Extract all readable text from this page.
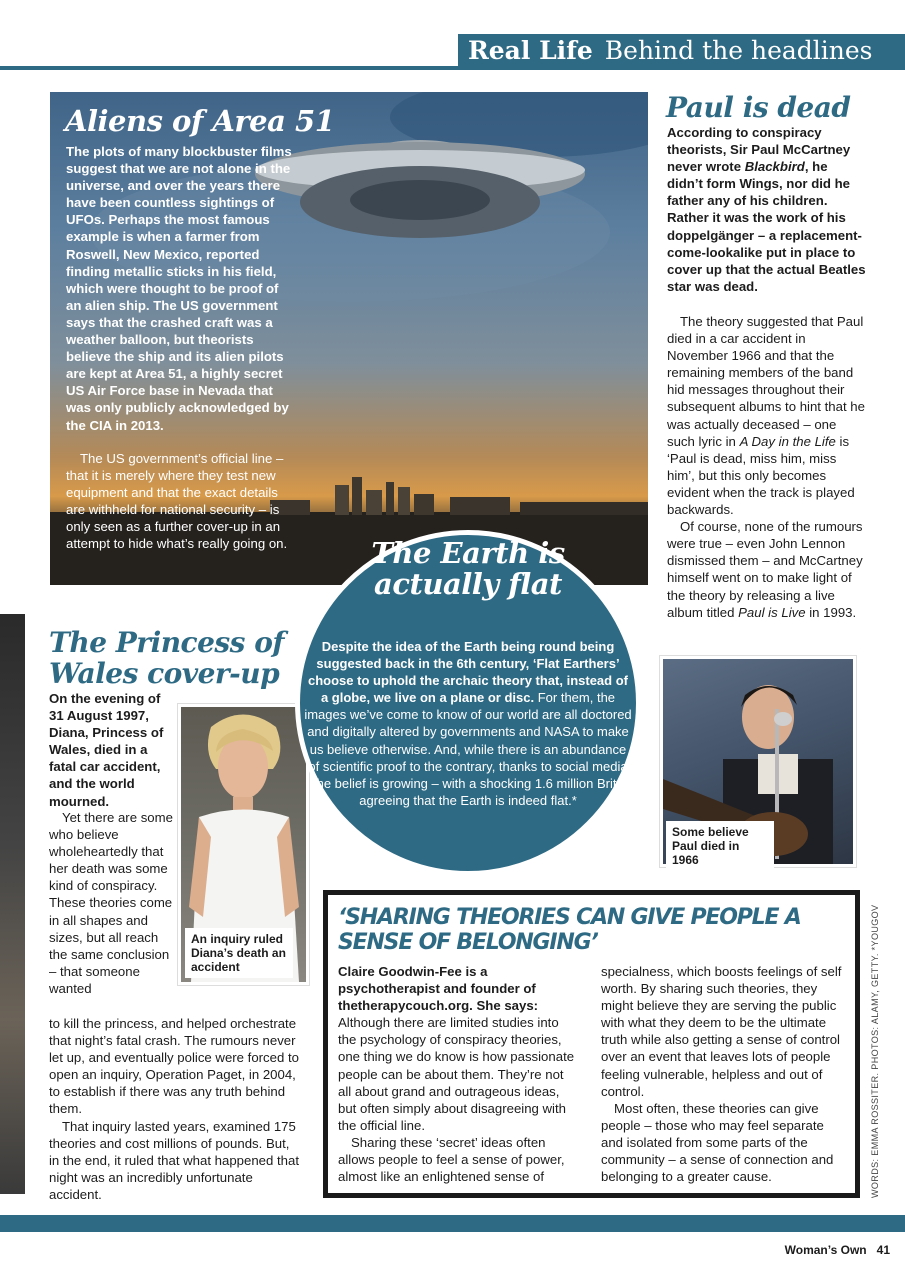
Real Life Behind the headlines
Aliens of Area 51
The plots of many blockbuster films suggest that we are not alone in the universe, and over the years there have been countless sightings of UFOs. Perhaps the most famous example is when a farmer from Roswell, New Mexico, reported finding metallic sticks in his field, which were thought to be proof of an alien ship. The US government says that the crashed craft was a weather balloon, but theorists believe the ship and its alien pilots are kept at Area 51, a highly secret US Air Force base in Nevada that was only publicly acknowledged by the CIA in 2013.

The US government’s official line – that it is merely where they test new equipment and that the exact details are withheld for national security – is only seen as a further cover-up in an attempt to hide what’s really going on.

Paul is dead
According to conspiracy theorists, Sir Paul McCartney never wrote Blackbird, he didn’t form Wings, nor did he father any of his children. Rather it was the work of his doppelgänger – a replacement-come-lookalike put in place to cover up that the actual Beatles star was dead.

The theory suggested that Paul died in a car accident in November 1966 and that the remaining members of the band hid messages throughout their subsequent albums to hint that he was actually deceased – one such lyric in A Day in the Life is ‘Paul is dead, miss him, miss him’, but this only becomes evident when the track is played backwards.

Of course, none of the rumours were true – even John Lennon dismissed them – and McCartney himself went on to make light of the theory by releasing a live album titled Paul is Live in 1993.

Some believe Paul died in 1966
The Princess of Wales cover-up
On the evening of 31 August 1997, Diana, Princess of Wales, died in a fatal car accident, and the world mourned.

Yet there are some who believe wholeheartedly that her death was some kind of conspiracy. These theories come in all shapes and sizes, but all reach the same conclusion – that someone wanted

to kill the princess, and helped orchestrate that night’s fatal crash. The rumours never let up, and eventually police were forced to open an inquiry, Operation Paget, in 2004, to establish if there was any truth behind them.

That inquiry lasted years, examined 175 theories and cost millions of pounds. But, in the end, it ruled that what happened that night was an incredibly unfortunate accident.

An inquiry ruled Diana’s death an accident
The Earth is actually flat
Despite the idea of the Earth being round being suggested back in the 6th century, ‘Flat Earthers’ choose to uphold the archaic theory that, instead of a globe, we live on a plane or disc. For them, the images we’ve come to know of our world are all doctored and digitally altered by governments and NASA to make us believe otherwise. And, while there is an abundance of scientific proof to the contrary, thanks to social media the belief is growing – with a shocking 1.6 million Brits agreeing that the Earth is indeed flat.*
‘SHARING THEORIES CAN GIVE PEOPLE A SENSE OF BELONGING’

Claire Goodwin-Fee is a psychotherapist and founder of thetherapycouch.org. She says:

Although there are limited studies into the psychology of conspiracy theories, one thing we do know is how passionate people can be about them. They’re not all about grand and outrageous ideas, but often simply about disagreeing with the official line.

Sharing these ‘secret’ ideas often allows people to feel a sense of power, almost like an enlightened sense of

specialness, which boosts feelings of self worth. By sharing such theories, they might believe they are serving the public with what they deem to be the ultimate truth while also getting a sense of control over an event that leaves lots of people feeling vulnerable, helpless and out of control.

Most often, these theories can give people – those who may feel separate and isolated from some parts of the community – a sense of connection and belonging to a greater cause.	WORDS: EMMA ROSSITER. PHOTOS: ALAMY, GETTY. *YOUGOV
Woman’s Own 41
